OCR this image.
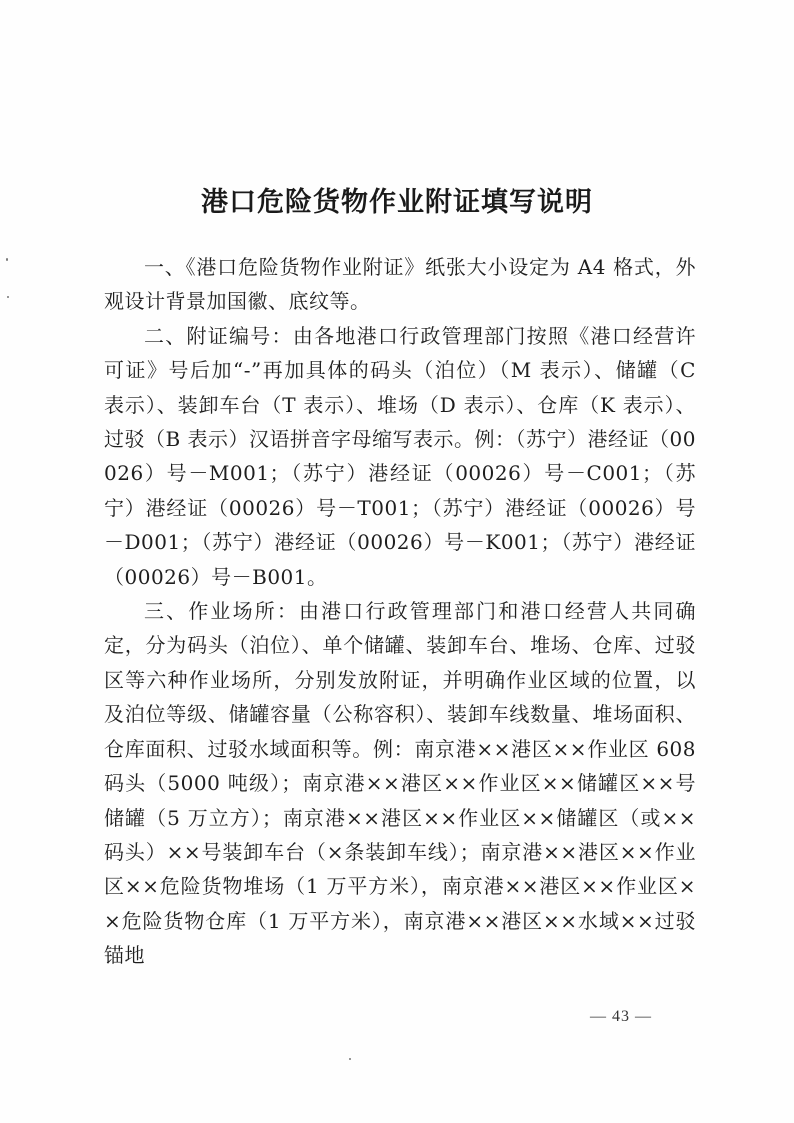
港口危险货物作业附证填写说明

一、《港口危险货物作业附证》纸张大小设定为 A4 格式，外观设计背景加国徽、底纹等。

二、附证编号：由各地港口行政管理部门按照《港口经营许可证》号后加“-”再加具体的码头（泊位）（M 表示）、储罐（C 表示）、装卸车台（T 表示）、堆场（D 表示）、仓库（K 表示）、过驳（B 表示）汉语拼音字母缩写表示。例：（苏宁）港经证（00026）号－M001；（苏宁）港经证（00026）号－C001；（苏宁）港经证（00026）号－T001；（苏宁）港经证（00026）号－D001；（苏宁）港经证（00026）号－K001；（苏宁）港经证（00026）号－B001。

三、作业场所：由港口行政管理部门和港口经营人共同确定，分为码头（泊位）、单个储罐、装卸车台、堆场、仓库、过驳区等六种作业场所，分别发放附证，并明确作业区域的位置，以及泊位等级、储罐容量（公称容积）、装卸车线数量、堆场面积、仓库面积、过驳水域面积等。例：南京港××港区××作业区 608 码头（5000 吨级）；南京港××港区××作业区××储罐区××号储罐（5 万立方）；南京港××港区××作业区××储罐区（或××码头）××号装卸车台（×条装卸车线）；南京港××港区××作业区××危险货物堆场（1 万平方米），南京港××港区××作业区××危险货物仓库（1 万平方米），南京港××港区××水域××过驳锚地

— 43 —
